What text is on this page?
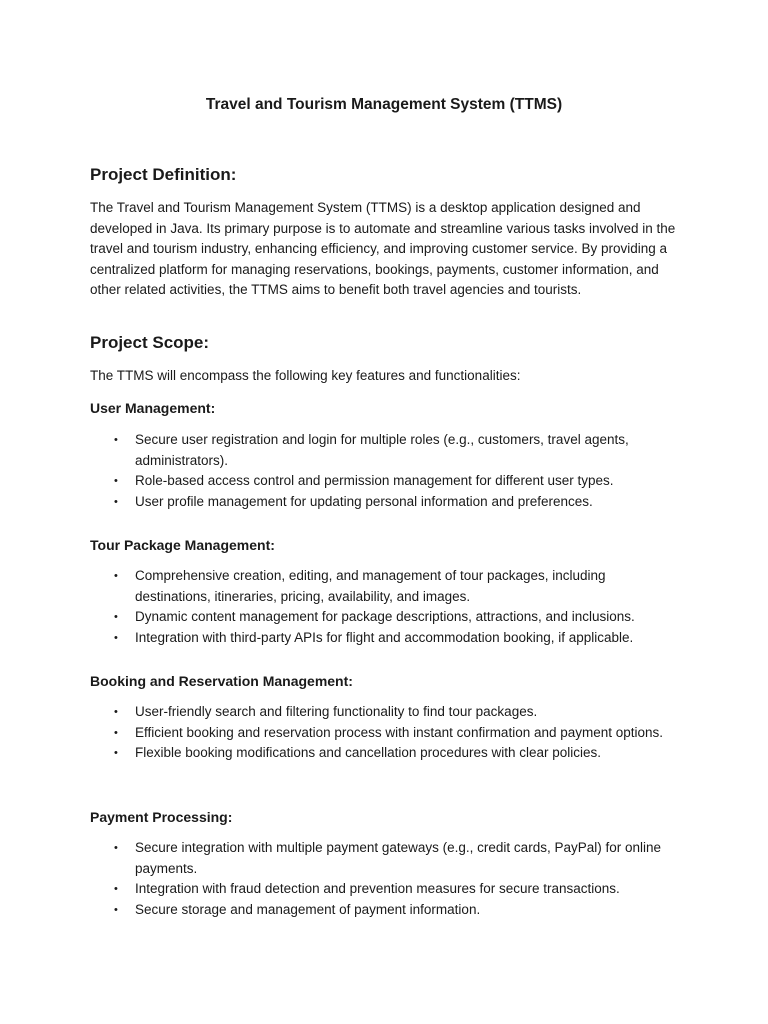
Travel and Tourism Management System (TTMS)
Project Definition:

The Travel and Tourism Management System (TTMS) is a desktop application designed and developed in Java. Its primary purpose is to automate and streamline various tasks involved in the travel and tourism industry, enhancing efficiency, and improving customer service. By providing a centralized platform for managing reservations, bookings, payments, customer information, and other related activities, the TTMS aims to benefit both travel agencies and tourists.

Project Scope:

The TTMS will encompass the following key features and functionalities:

User Management:
• Secure user registration and login for multiple roles (e.g., customers, travel agents, administrators).
• Role-based access control and permission management for different user types.
• User profile management for updating personal information and preferences.
Tour Package Management:
• Comprehensive creation, editing, and management of tour packages, including destinations, itineraries, pricing, availability, and images.
• Dynamic content management for package descriptions, attractions, and inclusions.
• Integration with third-party APIs for flight and accommodation booking, if applicable.
Booking and Reservation Management:
• User-friendly search and filtering functionality to find tour packages.
• Efficient booking and reservation process with instant confirmation and payment options.
• Flexible booking modifications and cancellation procedures with clear policies.
Payment Processing:
• Secure integration with multiple payment gateways (e.g., credit cards, PayPal) for online payments.
• Integration with fraud detection and prevention measures for secure transactions.
• Secure storage and management of payment information.
